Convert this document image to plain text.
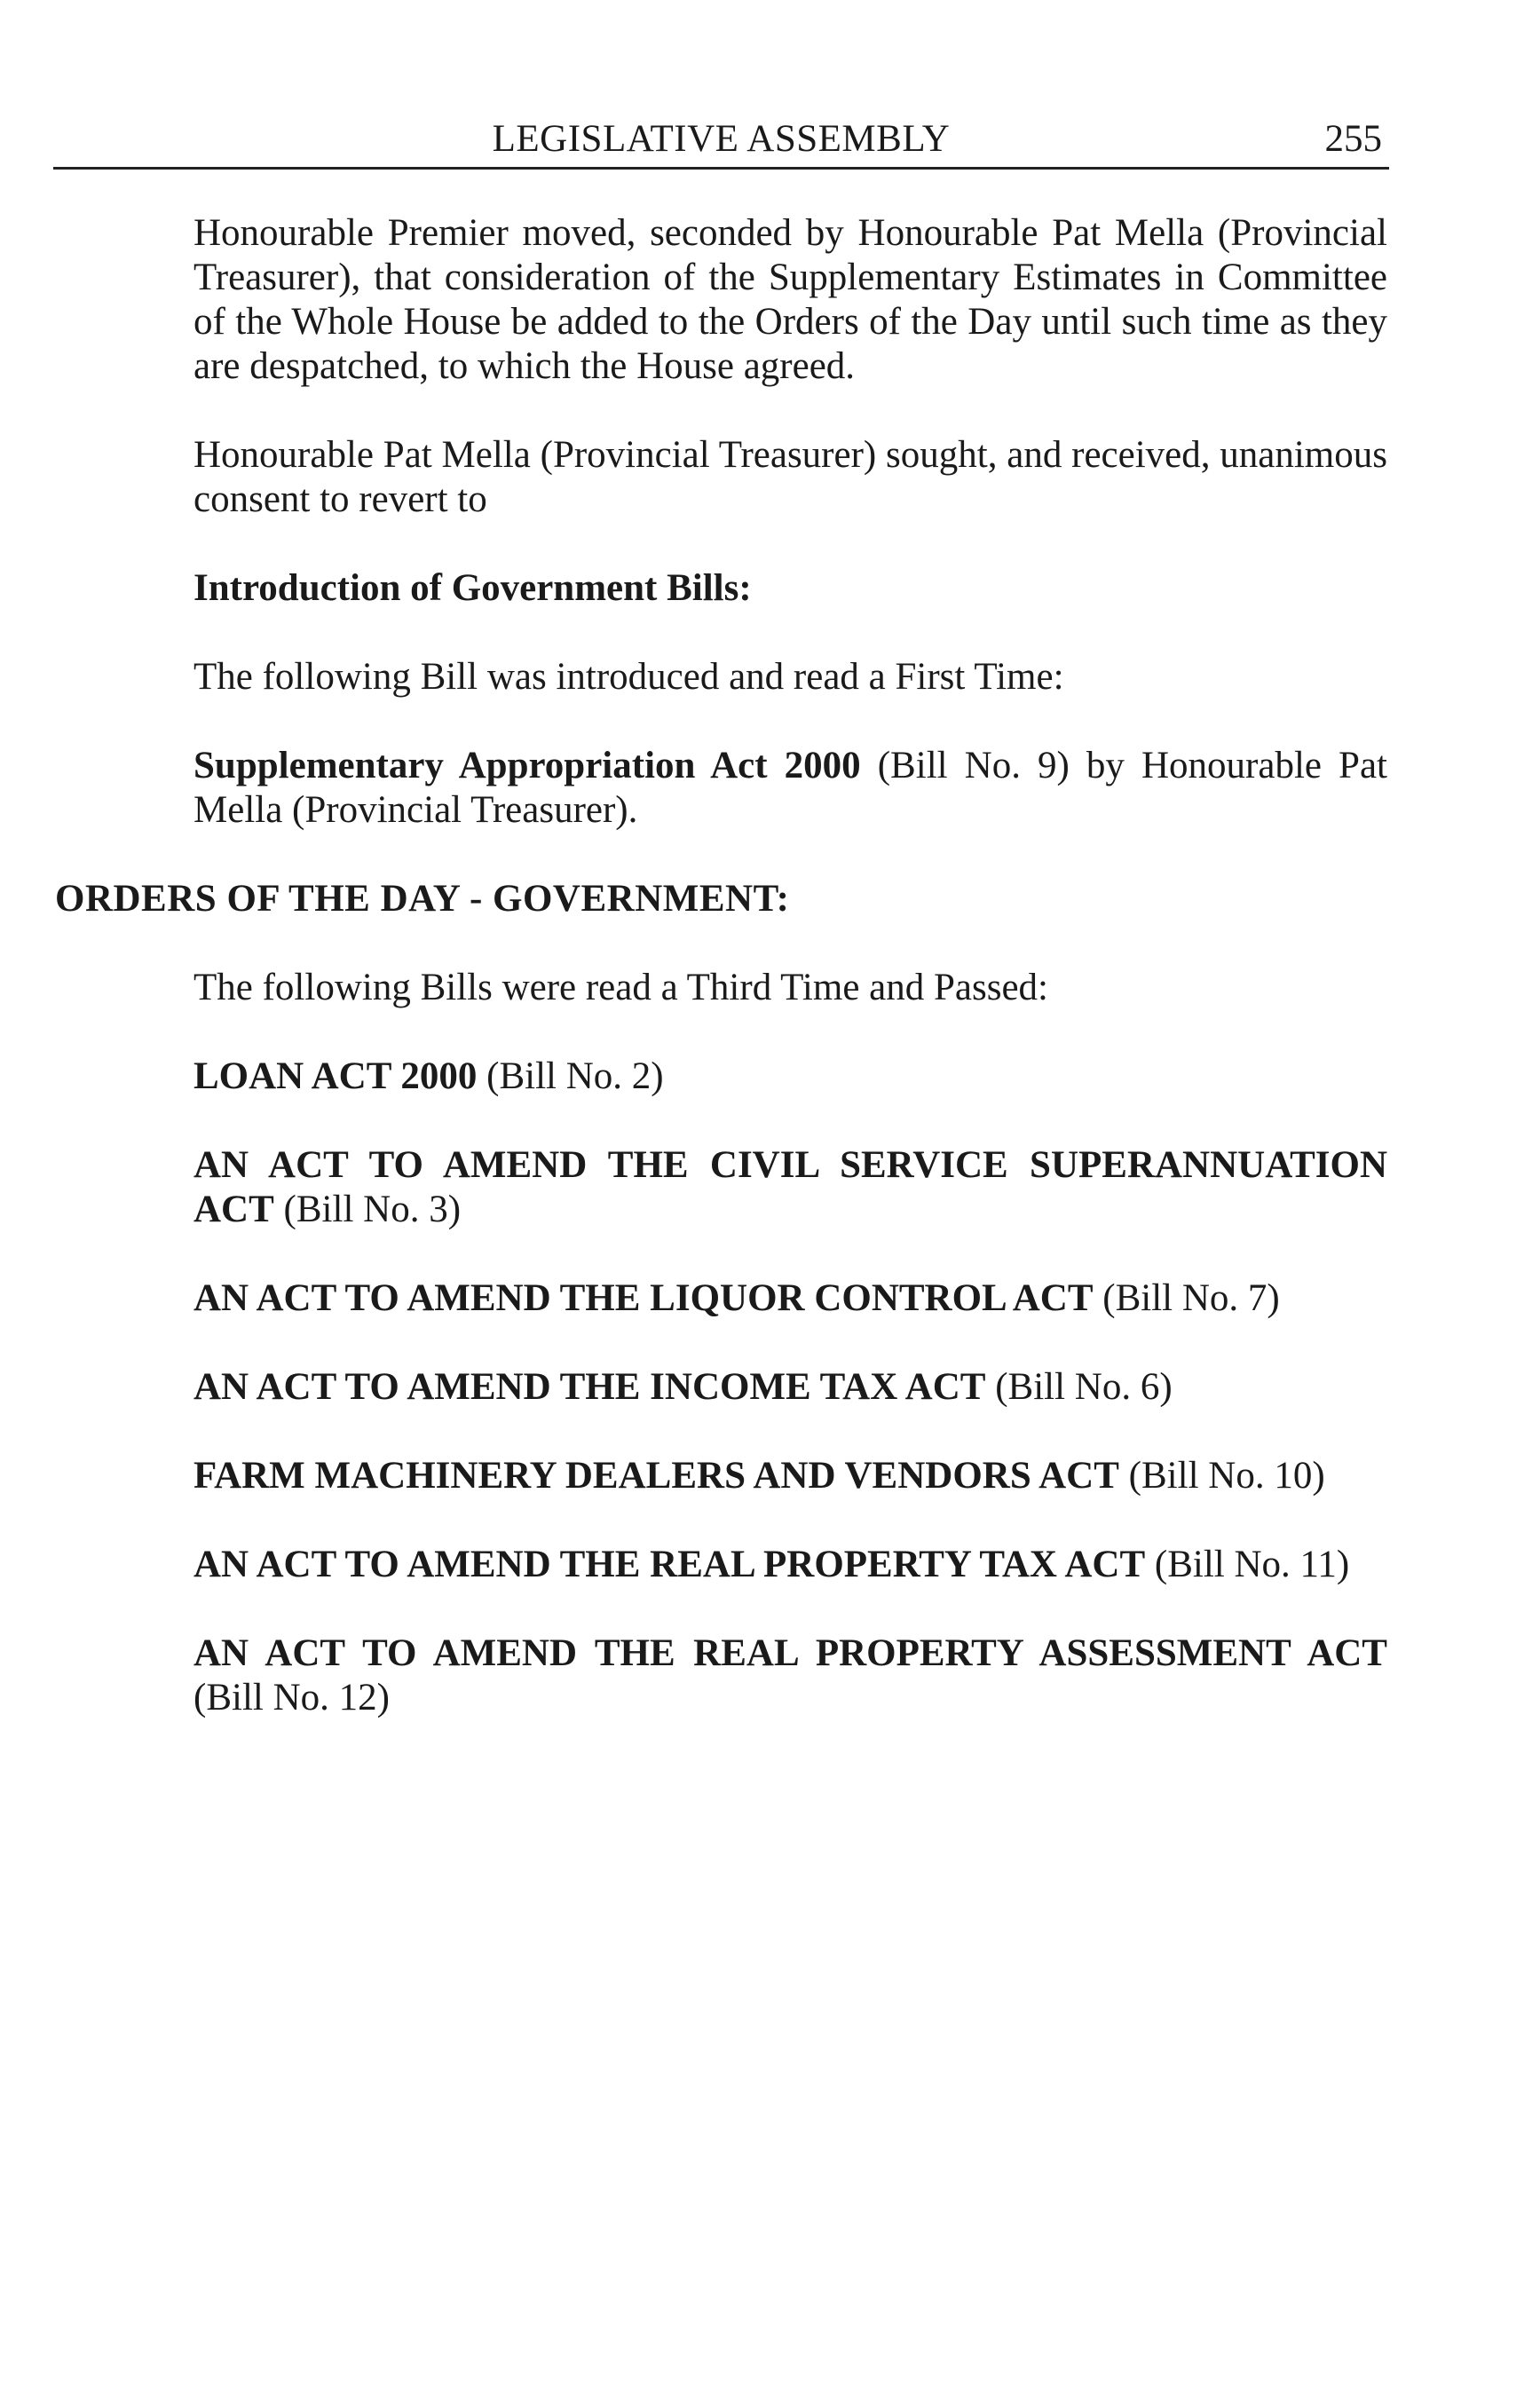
LEGISLATIVE ASSEMBLY	255

Honourable Premier moved, seconded by Honourable Pat Mella (Provincial Treasurer), that consideration of the Supplementary Estimates in Committee of the Whole House be added to the Orders of the Day until such time as they are despatched, to which the House agreed.

Honourable Pat Mella (Provincial Treasurer) sought, and received, unanimous consent to revert to

Introduction of Government Bills:

The following Bill was introduced and read a First Time:

Supplementary Appropriation Act 2000 (Bill No. 9) by Honourable Pat Mella (Provincial Treasurer).

ORDERS OF THE DAY - GOVERNMENT:

The following Bills were read a Third Time and Passed:

LOAN ACT 2000 (Bill No. 2)

AN ACT TO AMEND THE CIVIL SERVICE SUPERANNUATION ACT (Bill No. 3)

AN ACT TO AMEND THE LIQUOR CONTROL ACT (Bill No. 7)

AN ACT TO AMEND THE INCOME TAX ACT (Bill No. 6)

FARM MACHINERY DEALERS AND VENDORS ACT (Bill No. 10)

AN ACT TO AMEND THE REAL PROPERTY TAX ACT (Bill No. 11)

AN ACT TO AMEND THE REAL PROPERTY ASSESSMENT ACT (Bill No. 12)
